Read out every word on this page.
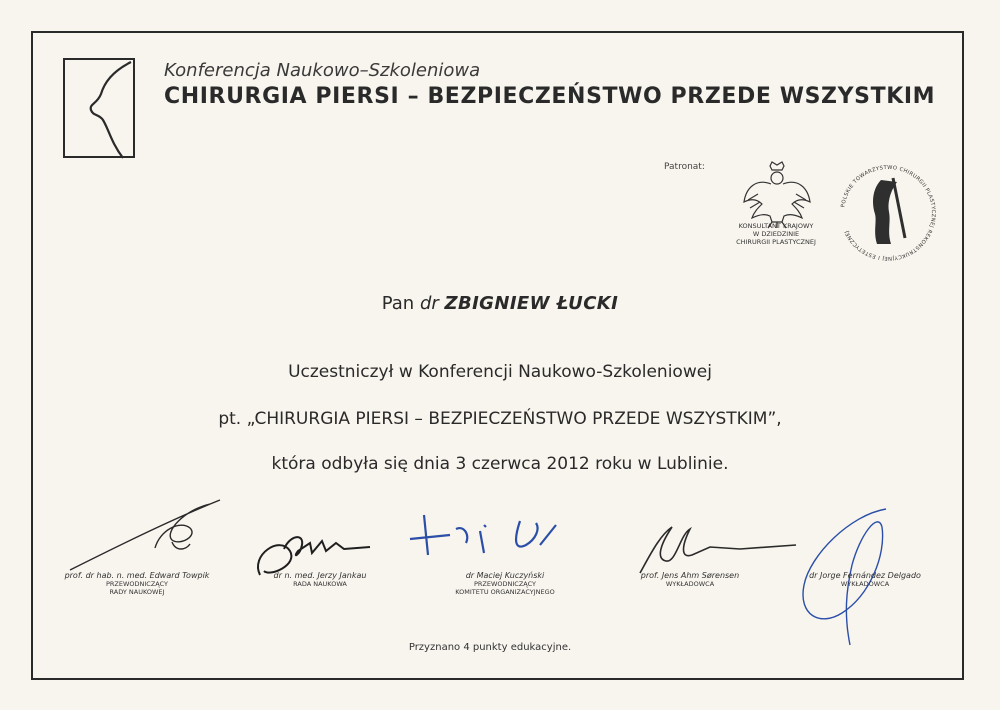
Konferencja Naukowo–Szkoleniowa
CHIRURGIA PIERSI – BEZPIECZEŃSTWO PRZEDE WSZYSTKIM
Patronat:
KONSULTANT KRAJOWY
W DZIEDZINIE
CHIRURGII PLASTYCZNEJ
POLSKIE TOWARZYSTWO CHIRURGII PLASTYCZNEJ REKONSTRUKCYJNEJ I ESTETYCZNEJ
Pan dr ZBIGNIEW ŁUCKI
Uczestniczył w Konferencji Naukowo-Szkoleniowej
pt. „CHIRURGIA PIERSI – BEZPIECZEŃSTWO PRZEDE WSZYSTKIM”,
która odbyła się dnia 3 czerwca 2012 roku w Lublinie.
prof. dr hab. n. med. Edward Towpik
PRZEWODNICZĄCY
RADY NAUKOWEJ
dr n. med. Jerzy Jankau
RADA NAUKOWA
dr Maciej Kuczyński
PRZEWODNICZĄCY
KOMITETU ORGANIZACYJNEGO
prof. Jens Ahm Sørensen
WYKŁADOWCA
dr Jorge Fernández Delgado
WYKŁADOWCA
Przyznano 4 punkty edukacyjne.
